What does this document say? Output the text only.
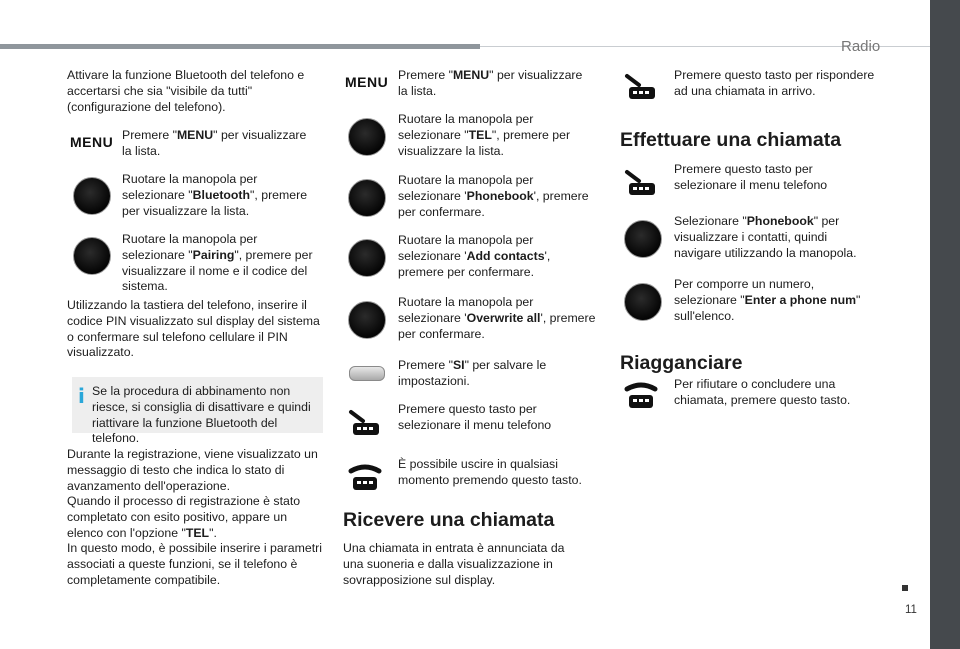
Radio
Attivare la funzione Bluetooth del telefono e accertarsi che sia "visibile da tutti" (configurazione del telefono).
MENU Premere "MENU" per visualizzare la lista.
Ruotare la manopola per selezionare "Bluetooth", premere per visualizzare la lista.
Ruotare la manopola per selezionare "Pairing", premere per visualizzare il nome e il codice del sistema.
Utilizzando la tastiera del telefono, inserire il codice PIN visualizzato sul display del sistema o confermare sul telefono cellulare il PIN visualizzato.
i Se la procedura di abbinamento non riesce, si consiglia di disattivare e quindi riattivare la funzione Bluetooth del telefono.
Durante la registrazione, viene visualizzato un messaggio di testo che indica lo stato di avanzamento dell'operazione.
Quando il processo di registrazione è stato completato con esito positivo, appare un elenco con l'opzione "TEL".
In questo modo, è possibile inserire i parametri associati a queste funzioni, se il telefono è completamente compatibile.
MENU Premere "MENU" per visualizzare la lista.
Ruotare la manopola per selezionare "TEL", premere per visualizzare la lista.
Ruotare la manopola per selezionare 'Phonebook', premere per confermare.
Ruotare la manopola per selezionare 'Add contacts', premere per confermare.
Ruotare la manopola per selezionare 'Overwrite all', premere per confermare.
Premere "SI" per salvare le impostazioni.
Premere questo tasto per selezionare il menu telefono
È possibile uscire in qualsiasi momento premendo questo tasto.
Ricevere una chiamata
Una chiamata in entrata è annunciata da una suoneria e dalla visualizzazione in sovrapposizione sul display.
Premere questo tasto per rispondere ad una chiamata in arrivo.
Effettuare una chiamata
Premere questo tasto per selezionare il menu telefono
Selezionare "Phonebook" per visualizzare i contatti, quindi navigare utilizzando la manopola.
Per comporre un numero, selezionare "Enter a phone num" sull'elenco.
Riagganciare
Per rifiutare o concludere una chiamata, premere questo tasto.
11
